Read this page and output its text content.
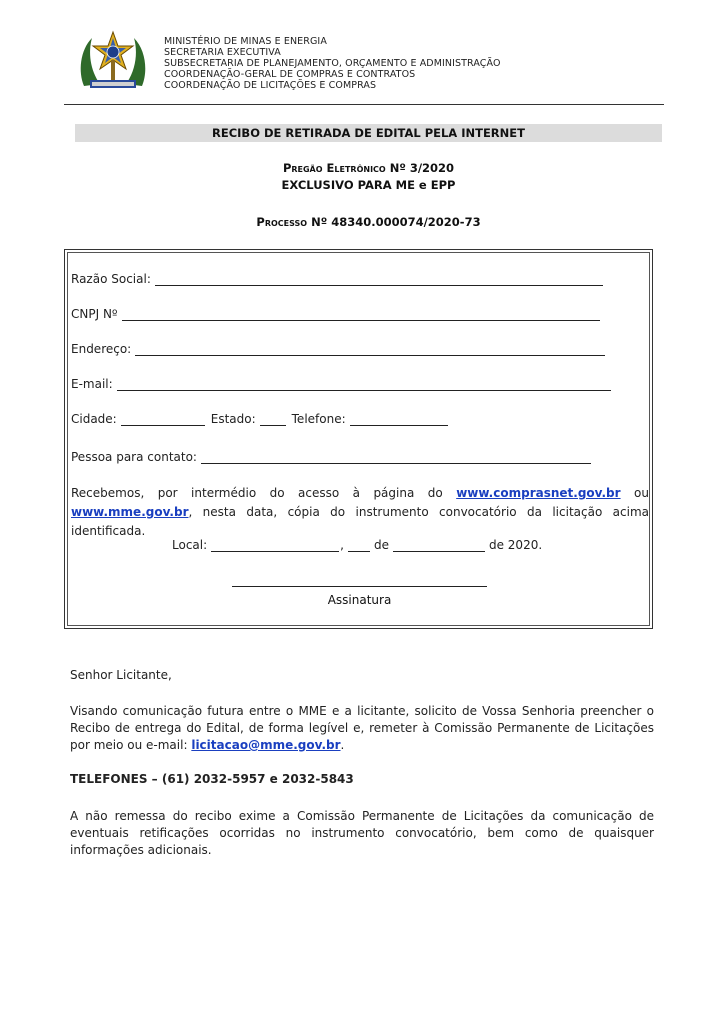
MINISTÉRIO DE MINAS E ENERGIA
SECRETARIA EXECUTIVA
SUBSECRETARIA DE PLANEJAMENTO, ORÇAMENTO E ADMINISTRAÇÃO
COORDENAÇÃO-GERAL DE COMPRAS E CONTRATOS
COORDENAÇÃO DE LICITAÇÕES E COMPRAS
RECIBO DE RETIRADA DE EDITAL PELA INTERNET
Pregão Eletrônico Nº 3/2020
EXCLUSIVO PARA ME e EPP
Processo Nº 48340.000074/2020-73
Razão Social:
CNPJ Nº
Endereço:
E-mail:
Cidade:	Estado:	Telefone:
Pessoa para contato:
Recebemos, por intermédio do acesso à página do www.comprasnet.gov.br ou www.mme.gov.br, nesta data, cópia do instrumento convocatório da licitação acima identificada.
Local:	,	de	de 2020.
Assinatura
Senhor Licitante,
Visando comunicação futura entre o MME e a licitante, solicito de Vossa Senhoria preencher o Recibo de entrega do Edital, de forma legível e, remeter à Comissão Permanente de Licitações por meio ou e-mail: licitacao@mme.gov.br.
TELEFONES – (61) 2032-5957 e 2032-5843
A não remessa do recibo exime a Comissão Permanente de Licitações da comunicação de eventuais retificações ocorridas no instrumento convocatório, bem como de quaisquer informações adicionais.
